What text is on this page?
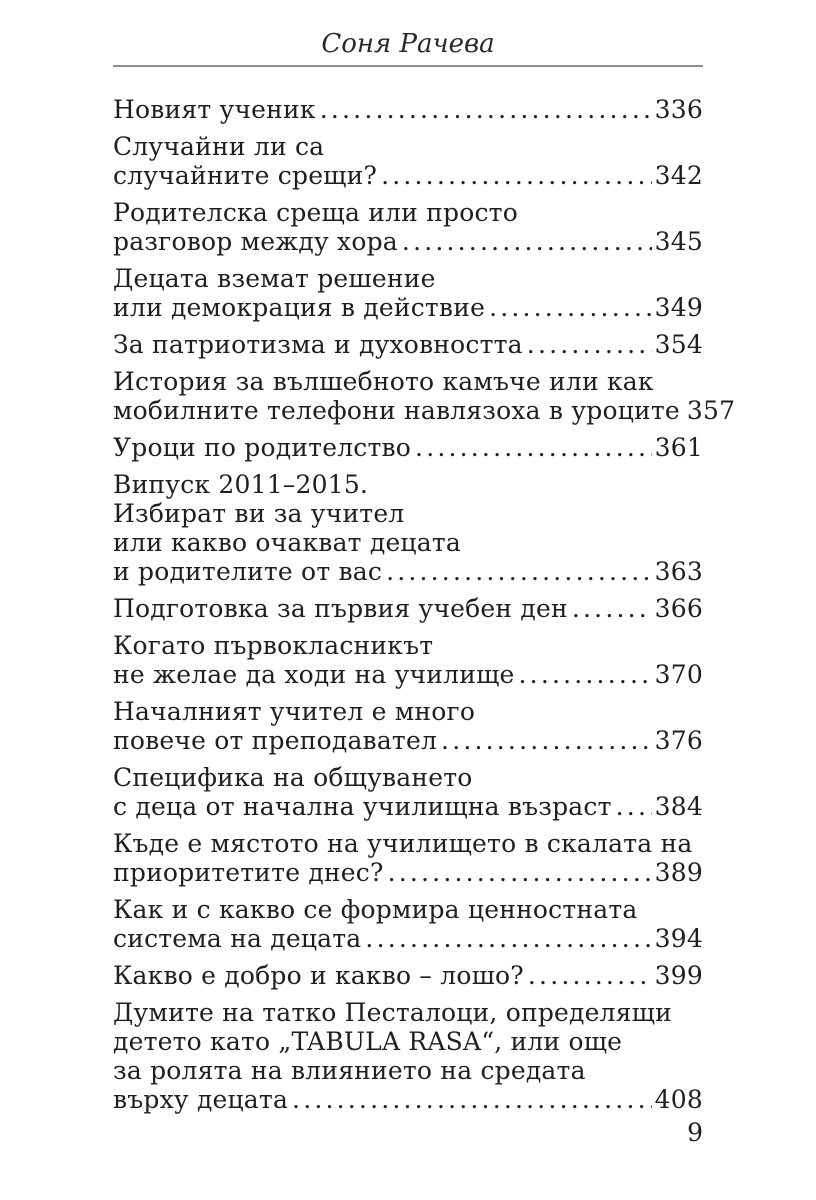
Соня Рачева
Новият ученик .....	336
Случайни ли са
случайните срещи? .....	342
Родителска среща или просто
разговор между хора .....	345
Децата вземат решение
или демокрация в действие .....	349
За патриотизма и духовността .....	354
История за вълшебното камъче или как
мобилните телефони навлязоха в уроците 357
Уроци по родителство .....	361
Випуск 2011–2015.
Избират ви за учител
или какво очакват децата
и родителите от вас .....	363
Подготовка за първия учебен ден .....	366
Когато първокласникът
не желае да ходи на училище .....	370
Началният учител е много
повече от преподавател .....	376
Специфика на общуването
с деца от начална училищна възраст ..... 384
Къде е мястото на училището в скалата на
приоритетите днес? .....	389
Как и с какво се формира ценностната
система на децата .....	394
Какво е добро и какво – лошо? .....	399
Думите на татко Песталоци, определящи
детето като „TABULA RASA“, или още
за ролята на влиянието на средата
върху децата .....	408
9
